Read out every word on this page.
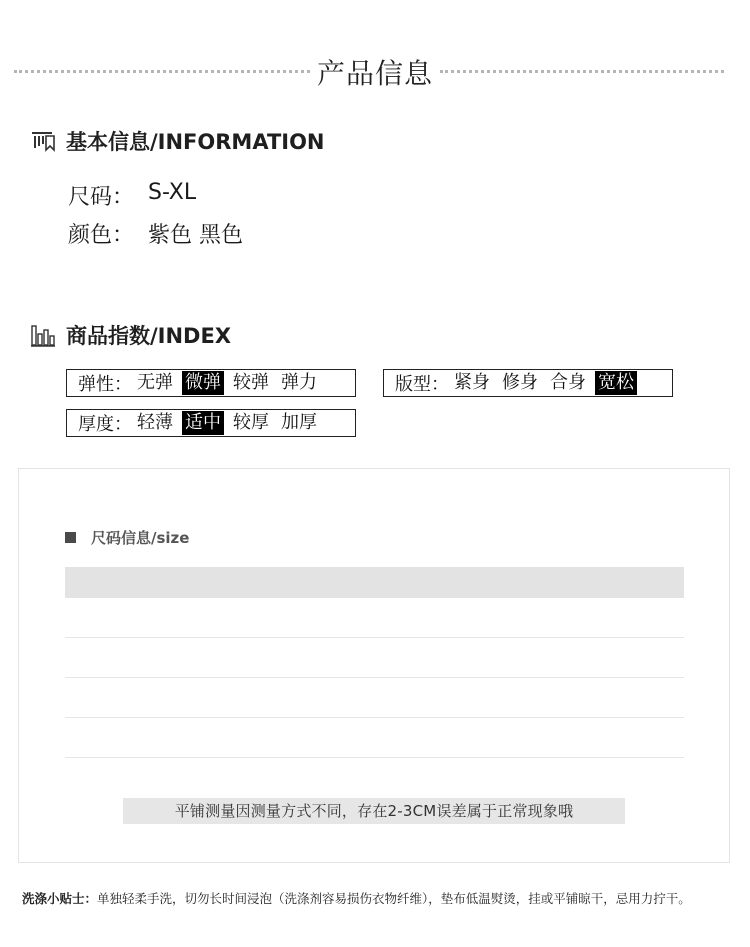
产品信息
基本信息/INFORMATION
尺码： S-XL
颜色： 紫色 黑色
商品指数/INDEX
弹性： 无弹 微弹 较弹 弹力	版型： 紧身 修身 合身 宽松
厚度： 轻薄 适中 较厚 加厚
尺码信息/size
平铺测量因测量方式不同，存在2-3CM误差属于正常现象哦
洗涤小贴士：单独轻柔手洗，切勿长时间浸泡（洗涤剂容易损伤衣物纤维），垫布低温熨烫，挂或平铺晾干，忌用力拧干。
